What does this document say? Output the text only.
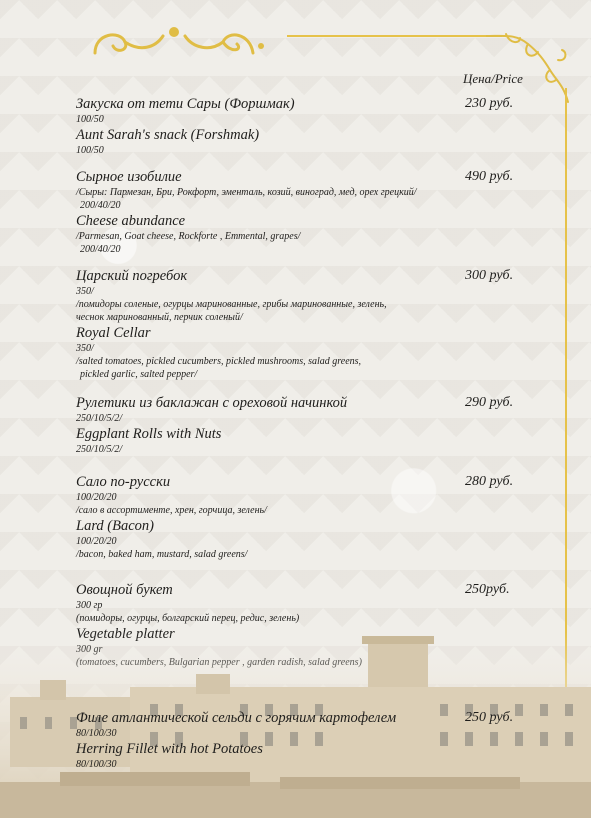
Цена/Price
230 руб.
Закуска от тети Сары (Форшмак)
100/50
Aunt Sarah's snack (Forshmak)
100/50
490 руб.
Сырное изобилие
/Сыры: Пармезан, Бри, Рокфорт, эменталь, козий, виноград, мед, орех грецкий/
200/40/20
Cheese abundance
/Parmesan, Goat cheese, Rockforte , Emmental, grapes/
200/40/20
300 руб.
Царский погребок
350/
/помидоры соленые, огурцы маринованные, грибы маринованные, зелень,
чеснок маринованный, перчик соленый/
Royal Cellar
350/
/salted tomatoes, pickled cucumbers, pickled mushrooms, salad greens,
pickled garlic, salted pepper/
290 руб.
Рулетики из баклажан с ореховой начинкой
250/10/5/2/
Eggplant Rolls with Nuts
250/10/5/2/
280 руб.
Сало по-русски
100/20/20
/сало в ассортименте, хрен, горчица, зелень/
Lard (Bacon)
100/20/20
/bacon, baked ham, mustard, salad greens/
250руб.
Овощной букет
300 гр
(помидоры, огурцы, болгарский перец, редис, зелень)
250 руб.
Филе атлантической сельди с горячим картофелем
80/100/30
Herring Fillet with hot Potatoes
80/100/30
